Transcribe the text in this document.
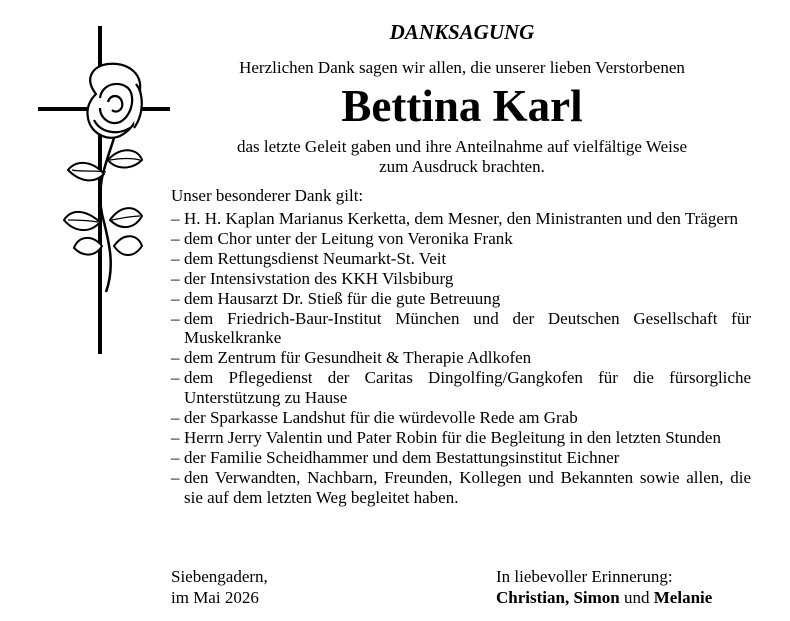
DANKSAGUNG
Herzlichen Dank sagen wir allen, die unserer lieben Verstorbenen
Bettina Karl
das letzte Geleit gaben und ihre Anteilnahme auf vielfältige Weise
zum Ausdruck brachten.
Unser besonderer Dank gilt:
– H. H. Kaplan Marianus Kerketta, dem Mesner, den Ministranten und den Trägern
– dem Chor unter der Leitung von Veronika Frank
– dem Rettungsdienst Neumarkt-St. Veit
– der Intensivstation des KKH Vilsbiburg
– dem Hausarzt Dr. Stieß für die gute Betreuung
– dem Friedrich-Baur-Institut München und der Deutschen Gesellschaft für Muskelkranke
– dem Zentrum für Gesundheit & Therapie Adlkofen
– dem Pflegedienst der Caritas Dingolfing/Gangkofen für die fürsorgliche Unterstützung zu Hause
– der Sparkasse Landshut für die würdevolle Rede am Grab
– Herrn Jerry Valentin und Pater Robin für die Begleitung in den letzten Stunden
– der Familie Scheidhammer und dem Bestattungsinstitut Eichner
– den Verwandten, Nachbarn, Freunden, Kollegen und Bekannten sowie allen, die sie auf dem letzten Weg begleitet haben.
Siebengadern,
im Mai 2026
In liebevoller Erinnerung:
Christian, Simon und Melanie
